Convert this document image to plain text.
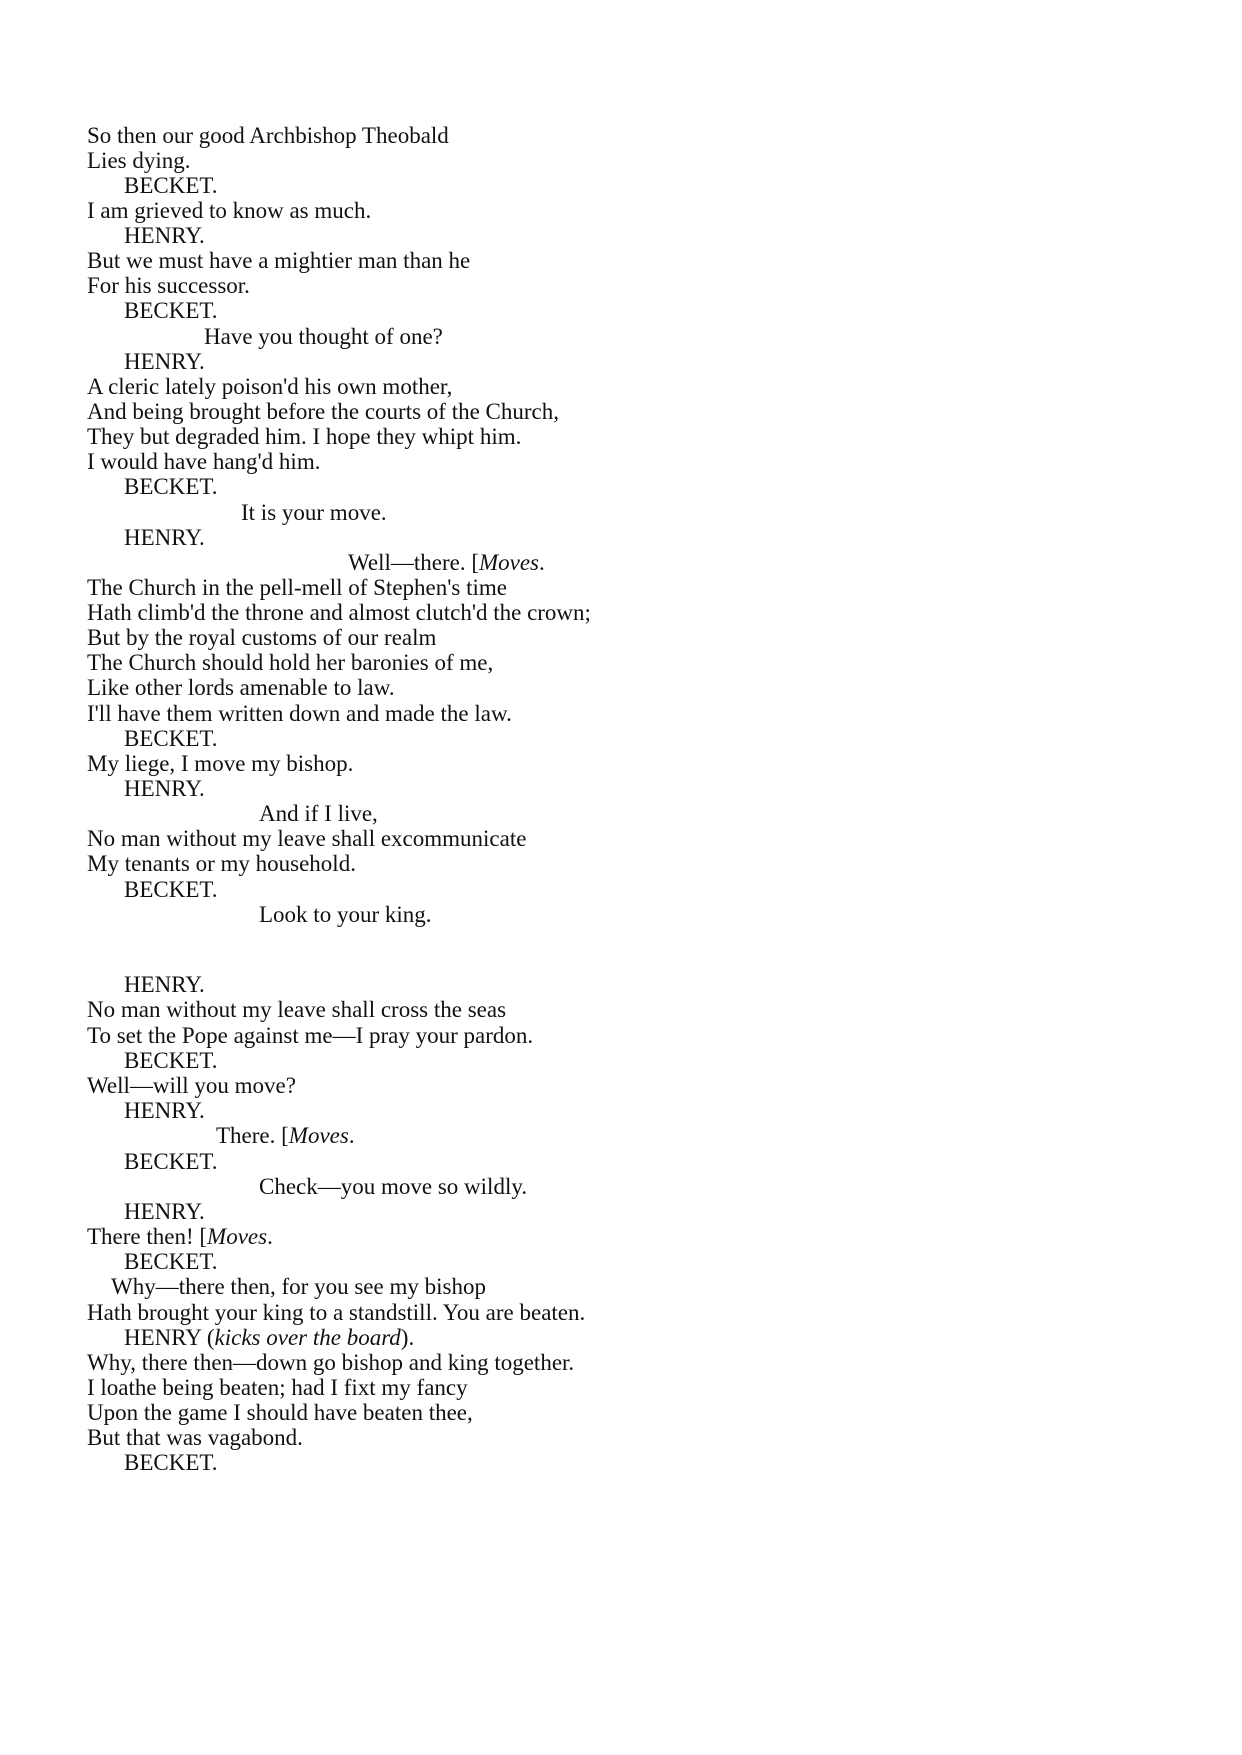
So then our good Archbishop Theobald
Lies dying.
BECKET.
I am grieved to know as much.
HENRY.
But we must have a mightier man than he
For his successor.
BECKET.
Have you thought of one?
HENRY.
A cleric lately poison'd his own mother,
And being brought before the courts of the Church,
They but degraded him. I hope they whipt him.
I would have hang'd him.
BECKET.
It is your move.
HENRY.
Well—there. [Moves.
The Church in the pell-mell of Stephen's time
Hath climb'd the throne and almost clutch'd the crown;
But by the royal customs of our realm
The Church should hold her baronies of me,
Like other lords amenable to law.
I'll have them written down and made the law.
BECKET.
My liege, I move my bishop.
HENRY.
And if I live,
No man without my leave shall excommunicate
My tenants or my household.
BECKET.
Look to your king.
HENRY.
No man without my leave shall cross the seas
To set the Pope against me—I pray your pardon.
BECKET.
Well—will you move?
HENRY.
There. [Moves.
BECKET.
Check—you move so wildly.
HENRY.
There then! [Moves.
BECKET.
Why—there then, for you see my bishop
Hath brought your king to a standstill. You are beaten.
HENRY (kicks over the board).
Why, there then—down go bishop and king together.
I loathe being beaten; had I fixt my fancy
Upon the game I should have beaten thee,
But that was vagabond.
BECKET.
